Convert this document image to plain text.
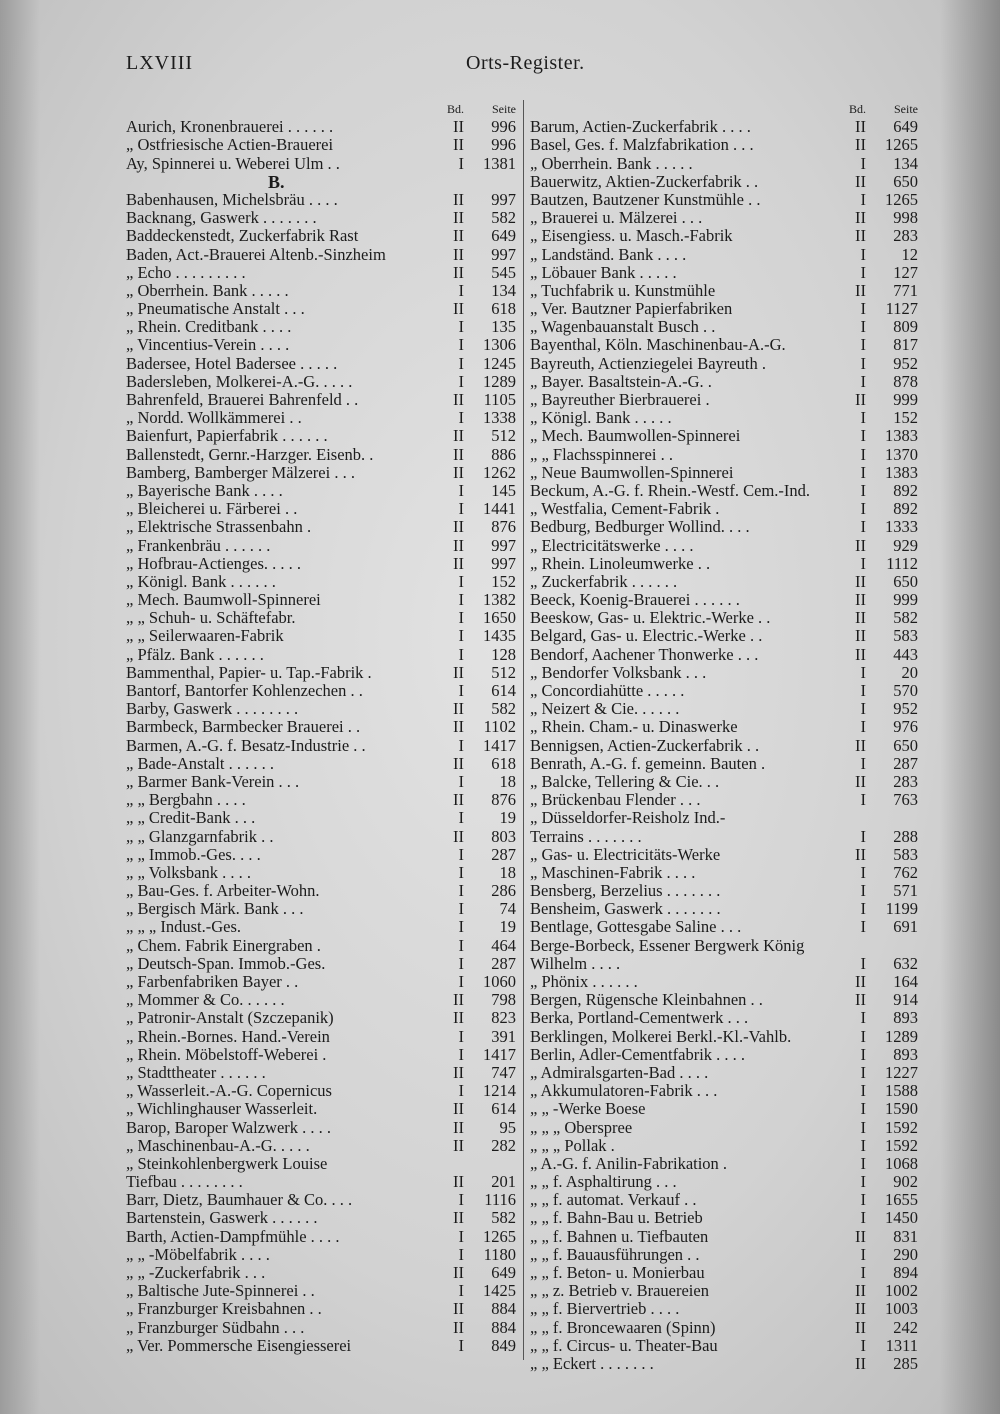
LXVIII	Orts-Register.
Bd. Seite
Aurich, Kronenbrauerei . . . . . .	II 996
„ Ostfriesische Actien-Brauerei	II 996
Ay, Spinnerei u. Weberei Ulm . .	I 1381
B.
Babenhausen, Michelsbräu . . . .	II 997
Backnang, Gaswerk . . . . . . .	II 582
Baddeckenstedt, Zuckerfabrik Rast	II 649
Baden, Act.-Brauerei Altenb.-Sinzheim	II 997
„ Echo . . . . . . . . .	II 545
„ Oberrhein. Bank . . . . .	I 134
„ Pneumatische Anstalt . . .	II 618
„ Rhein. Creditbank . . . .	I 135
„ Vincentius-Verein . . . .	I 1306
Badersee, Hotel Badersee . . . . .	I 1245
Badersleben, Molkerei-A.-G. . . . .	I 1289
Bahrenfeld, Brauerei Bahrenfeld . .	II 1105
„ Nordd. Wollkämmerei . .	I 1338
Baienfurt, Papierfabrik . . . . . .	II 512
Ballenstedt, Gernr.-Harzger. Eisenb. .	II 886
Bamberg, Bamberger Mälzerei . . .	II 1262
„ Bayerische Bank . . . .	I 145
„ Bleicherei u. Färberei . .	I 1441
„ Elektrische Strassenbahn .	II 876
„ Frankenbräu . . . . . .	II 997
„ Hofbrau-Actienges. . . . .	II 997
„ Königl. Bank . . . . . .	I 152
„ Mech. Baumwoll-Spinnerei	I 1382
„ „ Schuh- u. Schäftefabr.	I 1650
„ „ Seilerwaaren-Fabrik	I 1435
„ Pfälz. Bank . . . . . .	I 128
Bammenthal, Papier- u. Tap.-Fabrik .	II 512
Bantorf, Bantorfer Kohlenzechen . .	I 614
Barby, Gaswerk . . . . . . . .	II 582
Barmbeck, Barmbecker Brauerei . .	II 1102
Barmen, A.-G. f. Besatz-Industrie . .	I 1417
„ Bade-Anstalt . . . . . .	II 618
„ Barmer Bank-Verein . . .	I 18
„ „ Bergbahn . . . .	II 876
„ „ Credit-Bank . . .	I 19
„ „ Glanzgarnfabrik . .	II 803
„ „ Immob.-Ges. . . .	I 287
„ „ Volksbank . . . .	I 18
„ Bau-Ges. f. Arbeiter-Wohn.	I 286
„ Bergisch Märk. Bank . . .	I 74
„ „ „ Indust.-Ges.	I 19
„ Chem. Fabrik Einergraben .	I 464
„ Deutsch-Span. Immob.-Ges.	I 287
„ Farbenfabriken Bayer . .	I 1060
„ Mommer & Co. . . . . .	II 798
„ Patronir-Anstalt (Szczepanik)	II 823
„ Rhein.-Bornes. Hand.-Verein	I 391
„ Rhein. Möbelstoff-Weberei .	I 1417
„ Stadttheater . . . . . .	II 747
„ Wasserleit.-A.-G. Copernicus	I 1214
„ Wichlinghauser Wasserleit.	II 614
Barop, Baroper Walzwerk . . . .	II 95
„ Maschinenbau-A.-G. . . . .	II 282
„ Steinkohlenbergwerk Louise
Tiefbau . . . . . . . .	II 201
Barr, Dietz, Baumhauer & Co. . . .	I 1116
Bartenstein, Gaswerk . . . . . .	II 582
Barth, Actien-Dampfmühle . . . .	I 1265
„ „ -Möbelfabrik . . . .	I 1180
„ „ -Zuckerfabrik . . .	II 649
„ Baltische Jute-Spinnerei . .	I 1425
„ Franzburger Kreisbahnen . .	II 884
„ Franzburger Südbahn . . .	II 884
„ Ver. Pommersche Eisengiesserei	I 849
Bd. Seite
Barum, Actien-Zuckerfabrik . . . .	II 649
Basel, Ges. f. Malzfabrikation . . .	II 1265
„ Oberrhein. Bank . . . . .	I 134
Bauerwitz, Aktien-Zuckerfabrik . .	II 650
Bautzen, Bautzener Kunstmühle . .	I 1265
„ Brauerei u. Mälzerei . . .	II 998
„ Eisengiess. u. Masch.-Fabrik	II 283
„ Landständ. Bank . . . .	I 12
„ Löbauer Bank . . . . .	I 127
„ Tuchfabrik u. Kunstmühle	II 771
„ Ver. Bautzner Papierfabriken	I 1127
„ Wagenbauanstalt Busch . .	I 809
Bayenthal, Köln. Maschinenbau-A.-G.	I 817
Bayreuth, Actienziegelei Bayreuth .	I 952
„ Bayer. Basaltstein-A.-G. .	I 878
„ Bayreuther Bierbrauerei .	II 999
„ Königl. Bank . . . . .	I 152
„ Mech. Baumwollen-Spinnerei	I 1383
„ „ Flachsspinnerei . .	I 1370
„ Neue Baumwollen-Spinnerei	I 1383
Beckum, A.-G. f. Rhein.-Westf. Cem.-Ind.	I 892
„ Westfalia, Cement-Fabrik .	I 892
Bedburg, Bedburger Wollind. . . .	I 1333
„ Electricitätswerke . . . .	II 929
„ Rhein. Linoleumwerke . .	I 1112
„ Zuckerfabrik . . . . . .	II 650
Beeck, Koenig-Brauerei . . . . . .	II 999
Beeskow, Gas- u. Elektric.-Werke . .	II 582
Belgard, Gas- u. Electric.-Werke . .	II 583
Bendorf, Aachener Thonwerke . . .	II 443
„ Bendorfer Volksbank . . .	I 20
„ Concordiahütte . . . . .	I 570
„ Neizert & Cie. . . . . .	I 952
„ Rhein. Cham.- u. Dinaswerke	I 976
Bennigsen, Actien-Zuckerfabrik . .	II 650
Benrath, A.-G. f. gemeinn. Bauten .	I 287
„ Balcke, Tellering & Cie. . .	II 283
„ Brückenbau Flender . . .	I 763
„ Düsseldorfer-Reisholz Ind.-
Terrains . . . . . . .	I 288
„ Gas- u. Electricitäts-Werke	II 583
„ Maschinen-Fabrik . . . .	I 762
Bensberg, Berzelius . . . . . . .	I 571
Bensheim, Gaswerk . . . . . . .	I 1199
Bentlage, Gottesgabe Saline . . .	I 691
Berge-Borbeck, Essener Bergwerk König
Wilhelm . . . .	I 632
„ Phönix . . . . . .	II 164
Bergen, Rügensche Kleinbahnen . .	II 914
Berka, Portland-Cementwerk . . .	I 893
Berklingen, Molkerei Berkl.-Kl.-Vahlb.	I 1289
Berlin, Adler-Cementfabrik . . . .	I 893
„ Admiralsgarten-Bad . . . .	I 1227
„ Akkumulatoren-Fabrik . . .	I 1588
„ „ -Werke Boese	I 1590
„ „ „ Oberspree	I 1592
„ „ „ Pollak .	I 1592
„ A.-G. f. Anilin-Fabrikation .	I 1068
„ „ f. Asphaltirung . . .	I 902
„ „ f. automat. Verkauf . .	I 1655
„ „ f. Bahn-Bau u. Betrieb	I 1450
„ „ f. Bahnen u. Tiefbauten	II 831
„ „ f. Bauausführungen . .	I 290
„ „ f. Beton- u. Monierbau	I 894
„ „ z. Betrieb v. Brauereien	II 1002
„ „ f. Biervertrieb . . . .	II 1003
„ „ f. Broncewaaren (Spinn)	II 242
„ „ f. Circus- u. Theater-Bau	I 1311
„ „ Eckert . . . . . . .	II 285
